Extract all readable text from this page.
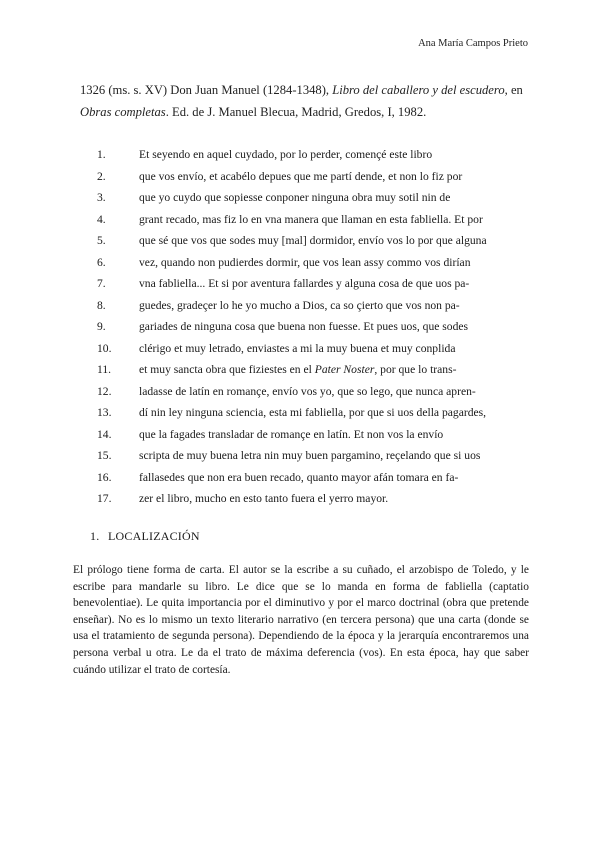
Ana María Campos Prieto
1326 (ms. s. XV) Don Juan Manuel (1284-1348), Libro del caballero y del escudero, en Obras completas. Ed. de J. Manuel Blecua, Madrid, Gredos, I, 1982.
1.	Et seyendo en aquel cuydado, por lo perder, començé este libro
2.	que vos envío, et acabélo depues que me partí dende, et non lo fiz por
3.	que yo cuydo que sopiesse conponer ninguna obra muy sotil nin de
4.	grant recado, mas fiz lo en vna manera que llaman en esta fabliella. Et por
5.	que sé que vos que sodes muy [mal] dormidor, envío vos lo por que alguna
6.	vez, quando non pudierdes dormir, que vos lean assy commo vos dirían
7.	vna fabliella... Et si por aventura fallardes y alguna cosa de que uos pa-
8.	guedes, gradeçer lo he yo mucho a Dios, ca so çierto que vos non pa-
9.	gariades de ninguna cosa que buena non fuesse. Et pues uos, que sodes
10. clérigo et muy letrado, enviastes a mi la muy buena et muy conplida
11. et muy sancta obra que fiziestes en el Pater Noster, por que lo trans-
12. ladasse de latín en romançe, envío vos yo, que so lego, que nunca apren-
13. dí nin ley ninguna sciencia, esta mi fabliella, por que si uos della pagardes,
14. que la fagades transladar de romançe en latín. Et non vos la envío
15. scripta de muy buena letra nin muy buen pargamino, reçelando que si uos
16. fallasedes que non era buen recado, quanto mayor afán tomara en fa-
17. zer el libro, mucho en esto tanto fuera el yerro mayor.
1. LOCALIZACIÓN

El prólogo tiene forma de carta. El autor se la escribe a su cuñado, el arzobispo de Toledo, y le escribe para mandarle su libro. Le dice que se lo manda en forma de fabliella (captatio benevolentiae). Le quita importancia por el diminutivo y por el marco doctrinal (obra que pretende enseñar). No es lo mismo un texto literario narrativo (en tercera persona) que una carta (donde se usa el tratamiento de segunda persona). Dependiendo de la época y la jerarquía encontraremos una persona verbal u otra. Le da el trato de máxima deferencia (vos). En esta época, hay que saber cuándo utilizar el trato de cortesía.
